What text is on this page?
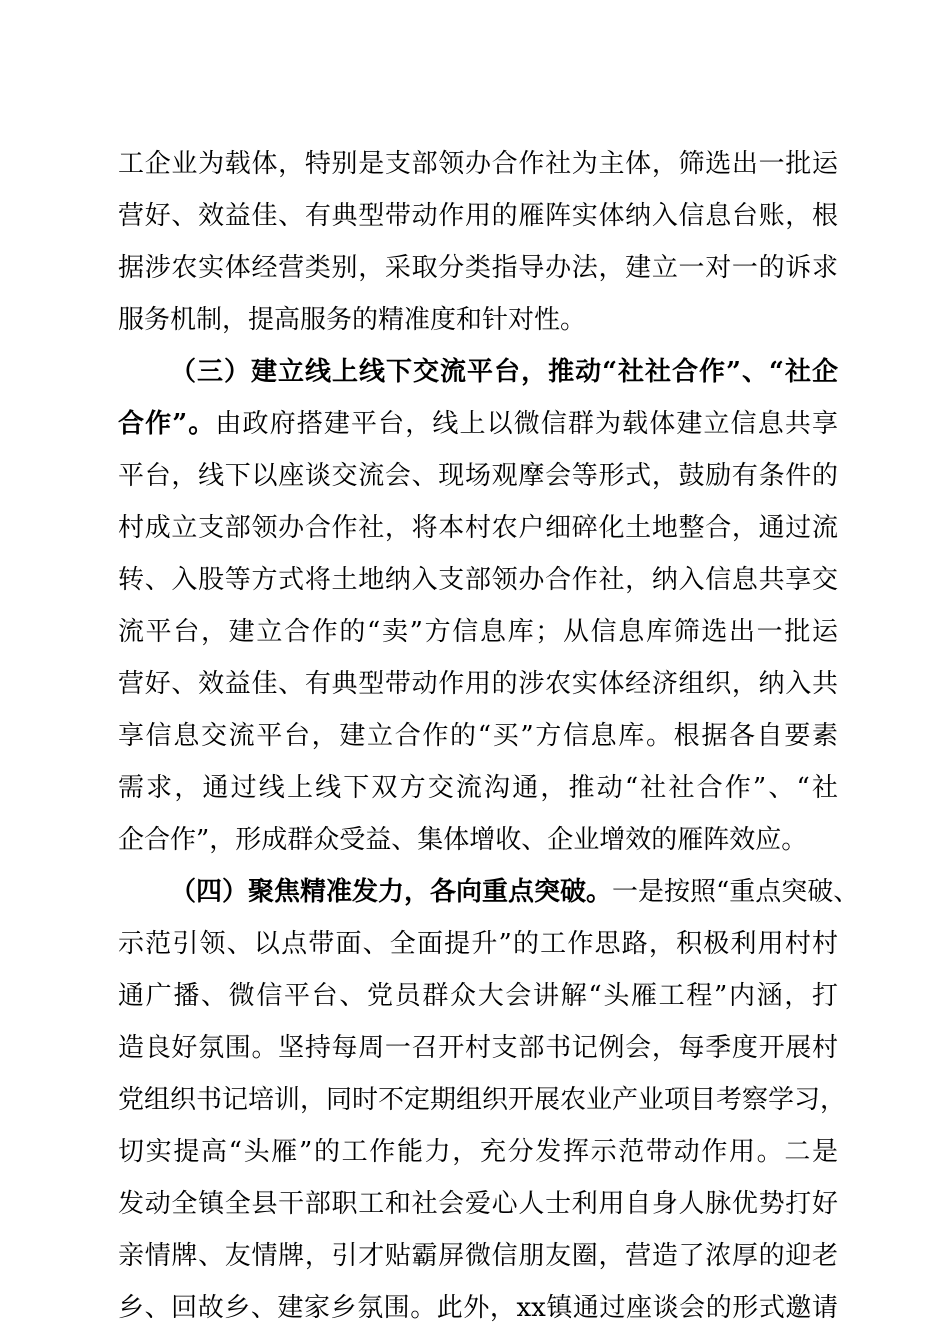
工企业为载体，特别是支部领办合作社为主体，筛选出一批运
营好、效益佳、有典型带动作用的雁阵实体纳入信息台账，根
据涉农实体经营类别，采取分类指导办法，建立一对一的诉求
服务机制，提高服务的精准度和针对性。
（三）建立线上线下交流平台，推动“社社合作”、“社企
合作”。由政府搭建平台，线上以微信群为载体建立信息共享
平台，线下以座谈交流会、现场观摩会等形式，鼓励有条件的
村成立支部领办合作社，将本村农户细碎化土地整合，通过流
转、入股等方式将土地纳入支部领办合作社，纳入信息共享交
流平台，建立合作的“卖”方信息库；从信息库筛选出一批运
营好、效益佳、有典型带动作用的涉农实体经济组织，纳入共
享信息交流平台，建立合作的“买”方信息库。根据各自要素
需求，通过线上线下双方交流沟通，推动“社社合作”、“社
企合作”，形成群众受益、集体增收、企业增效的雁阵效应。
（四）聚焦精准发力，各向重点突破。一是按照“重点突破、
示范引领、以点带面、全面提升”的工作思路，积极利用村村
通广播、微信平台、党员群众大会讲解“头雁工程”内涵，打
造良好氛围。坚持每周一召开村支部书记例会，每季度开展村
党组织书记培训，同时不定期组织开展农业产业项目考察学习，
切实提高“头雁”的工作能力，充分发挥示范带动作用。二是
发动全镇全县干部职工和社会爱心人士利用自身人脉优势打好
亲情牌、友情牌，引才贴霸屏微信朋友圈，营造了浓厚的迎老
乡、回故乡、建家乡氛围。此外，xx镇通过座谈会的形式邀请
